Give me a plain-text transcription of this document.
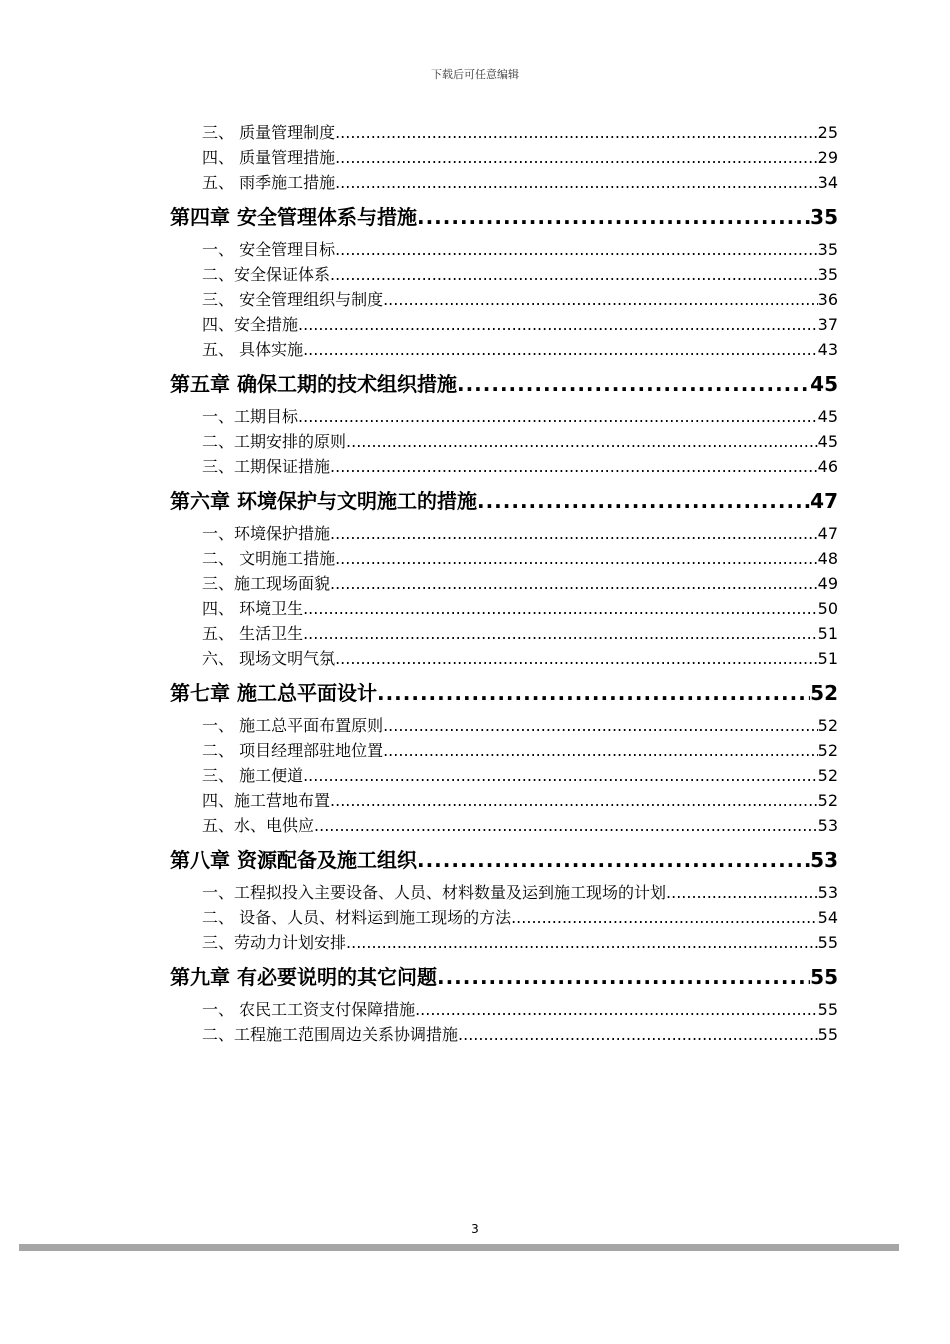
下载后可任意编辑
三、 质量管理制度 .....	25
四、 质量管理措施 .....	29
五、 雨季施工措施 .....	34
第四章 安全管理体系与措施 .....	35
一、 安全管理目标 .....	35
二、安全保证体系 .....	35
三、 安全管理组织与制度 .....	36
四、安全措施 .....	37
五、 具体实施 .....	43
第五章 确保工期的技术组织措施 .....	45
一、工期目标 .....	45
二、工期安排的原则 .....	45
三、工期保证措施 .....	46
第六章 环境保护与文明施工的措施 .....	47
一、环境保护措施 .....	47
二、 文明施工措施 .....	48
三、施工现场面貌 .....	49
四、 环境卫生 .....	50
五、 生活卫生 .....	51
六、 现场文明气氛 .....	51
第七章 施工总平面设计 .....	52
一、 施工总平面布置原则 .....	52
二、 项目经理部驻地位置 .....	52
三、 施工便道 .....	52
四、施工营地布置 .....	52
五、水、电供应 .....	53
第八章 资源配备及施工组织 .....	53
一、工程拟投入主要设备、人员、材料数量及运到施工现场的计划 .....	53
二、 设备、人员、材料运到施工现场的方法 .....	54
三、劳动力计划安排 .....	55
第九章 有必要说明的其它问题 .....	55
一、 农民工工资支付保障措施 .....	55
二、工程施工范围周边关系协调措施 .....	55
3
